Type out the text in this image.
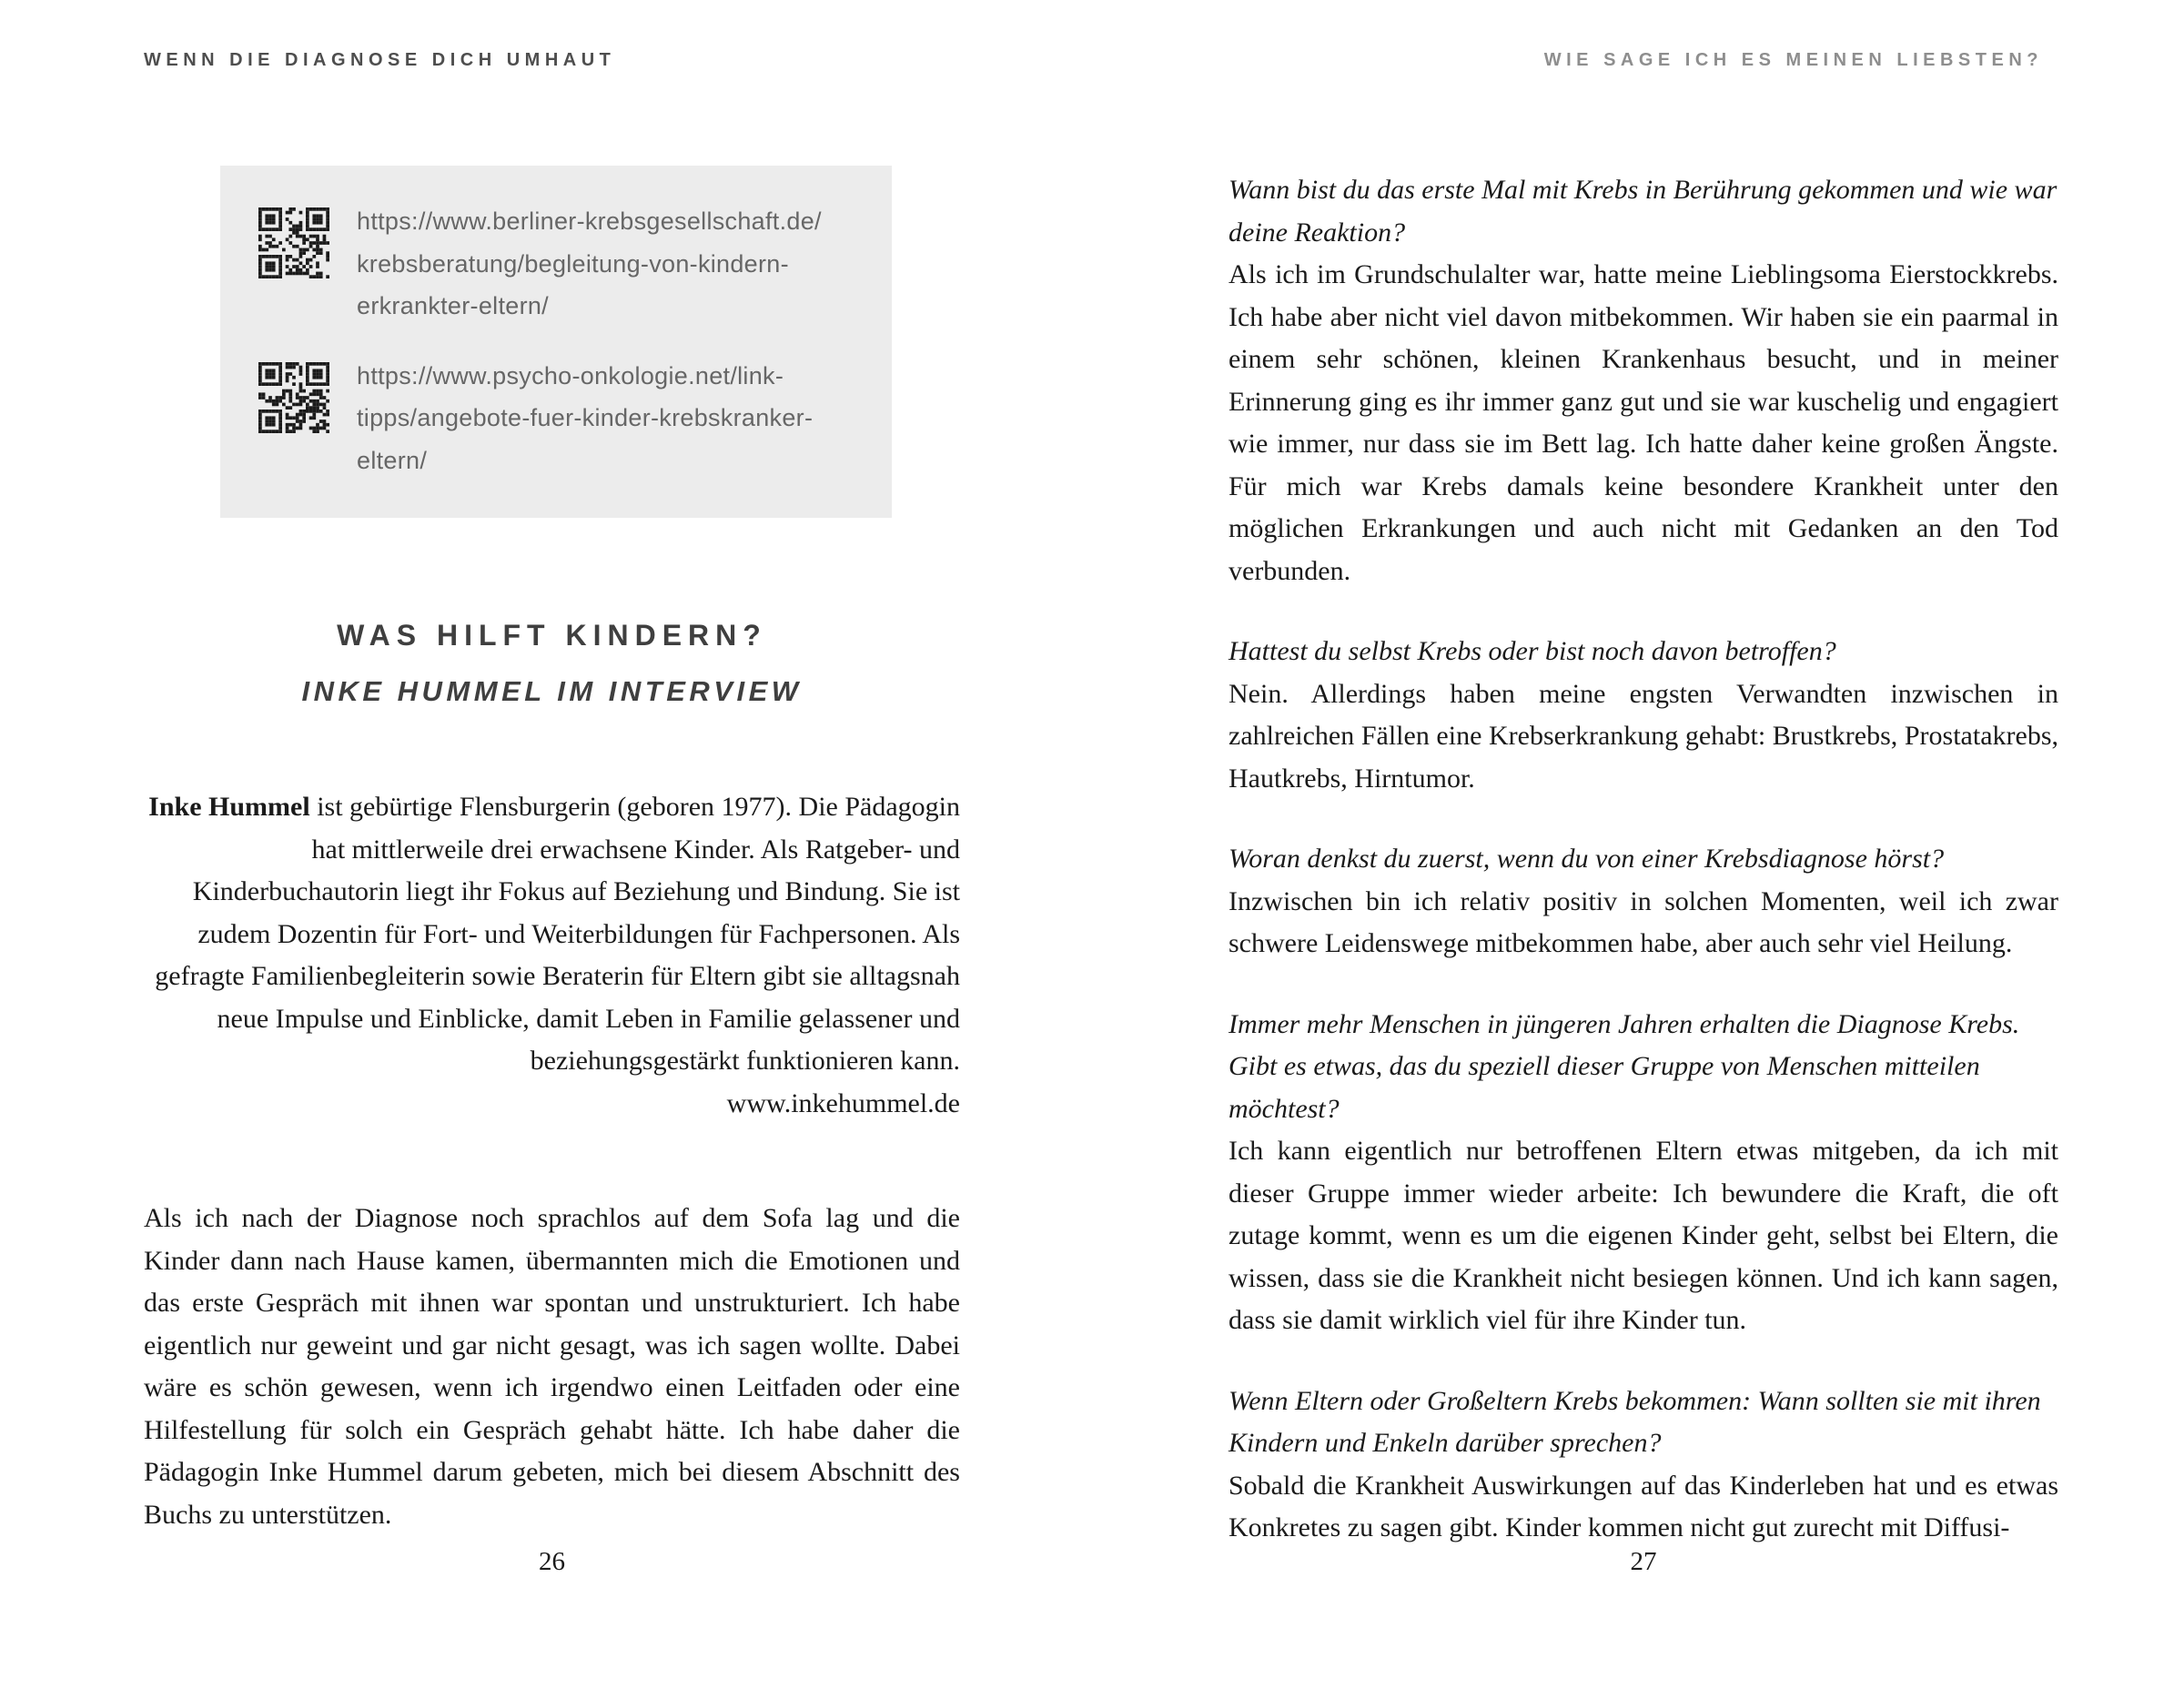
WENN DIE DIAGNOSE DICH UMHAUT

https://www.berliner-krebsgesellschaft.de/
krebsberatung/begleitung-von-kindern-
erkrankter-eltern/
https://www.psycho-onkologie.net/link-
tipps/angebote-fuer-kinder-krebskranker-
eltern/
WAS HILFT KINDERN?
INKE HUMMEL IM INTERVIEW

Inke Hummel ist gebürtige Flensburgerin (geboren 1977). Die Pädagogin hat mittlerweile drei erwachsene Kinder. Als Ratgeber- und Kinderbuchautorin liegt ihr Fokus auf Beziehung und Bindung. Sie ist zudem Dozentin für Fort- und Weiterbildungen für Fachpersonen. Als gefragte Familienbegleiterin sowie Beraterin für Eltern gibt sie alltagsnah neue Impulse und Einblicke, damit Leben in Familie gelassener und beziehungsgestärkt funktionieren kann.
www.inkehummel.de

Als ich nach der Diagnose noch sprachlos auf dem Sofa lag und die Kinder dann nach Hause kamen, übermannten mich die Emotionen und das erste Gespräch mit ihnen war spontan und unstrukturiert. Ich habe eigentlich nur geweint und gar nicht gesagt, was ich sagen wollte. Dabei wäre es schön gewesen, wenn ich irgendwo einen Leitfaden oder eine Hilfestellung für solch ein Gespräch gehabt hätte. Ich habe daher die Pädagogin Inke Hummel darum gebeten, mich bei diesem Abschnitt des Buchs zu unterstützen.

26

WIE SAGE ICH ES MEINEN LIEBSTEN?

Wann bist du das erste Mal mit Krebs in Berührung gekommen und wie war deine Reaktion?

Als ich im Grundschulalter war, hatte meine Lieblingsoma Eierstockkrebs. Ich habe aber nicht viel davon mitbekommen. Wir haben sie ein paarmal in einem sehr schönen, kleinen Krankenhaus besucht, und in meiner Erinnerung ging es ihr immer ganz gut und sie war kuschelig und engagiert wie immer, nur dass sie im Bett lag. Ich hatte daher keine großen Ängste. Für mich war Krebs damals keine besondere Krankheit unter den möglichen Erkrankungen und auch nicht mit Gedanken an den Tod verbunden.

Hattest du selbst Krebs oder bist noch davon betroffen?

Nein. Allerdings haben meine engsten Verwandten inzwischen in zahlreichen Fällen eine Krebserkrankung gehabt: Brustkrebs, Prostatakrebs, Hautkrebs, Hirntumor.

Woran denkst du zuerst, wenn du von einer Krebsdiagnose hörst?

Inzwischen bin ich relativ positiv in solchen Momenten, weil ich zwar schwere Leidenswege mitbekommen habe, aber auch sehr viel Heilung.

Immer mehr Menschen in jüngeren Jahren erhalten die Diagnose Krebs. Gibt es etwas, das du speziell dieser Gruppe von Menschen mitteilen möchtest?

Ich kann eigentlich nur betroffenen Eltern etwas mitgeben, da ich mit dieser Gruppe immer wieder arbeite: Ich bewundere die Kraft, die oft zutage kommt, wenn es um die eigenen Kinder geht, selbst bei Eltern, die wissen, dass sie die Krankheit nicht besiegen können. Und ich kann sagen, dass sie damit wirklich viel für ihre Kinder tun.

Wenn Eltern oder Großeltern Krebs bekommen: Wann sollten sie mit ihren Kindern und Enkeln darüber sprechen?

Sobald die Krankheit Auswirkungen auf das Kinderleben hat und es etwas Konkretes zu sagen gibt. Kinder kommen nicht gut zurecht mit Diffusi-

27
